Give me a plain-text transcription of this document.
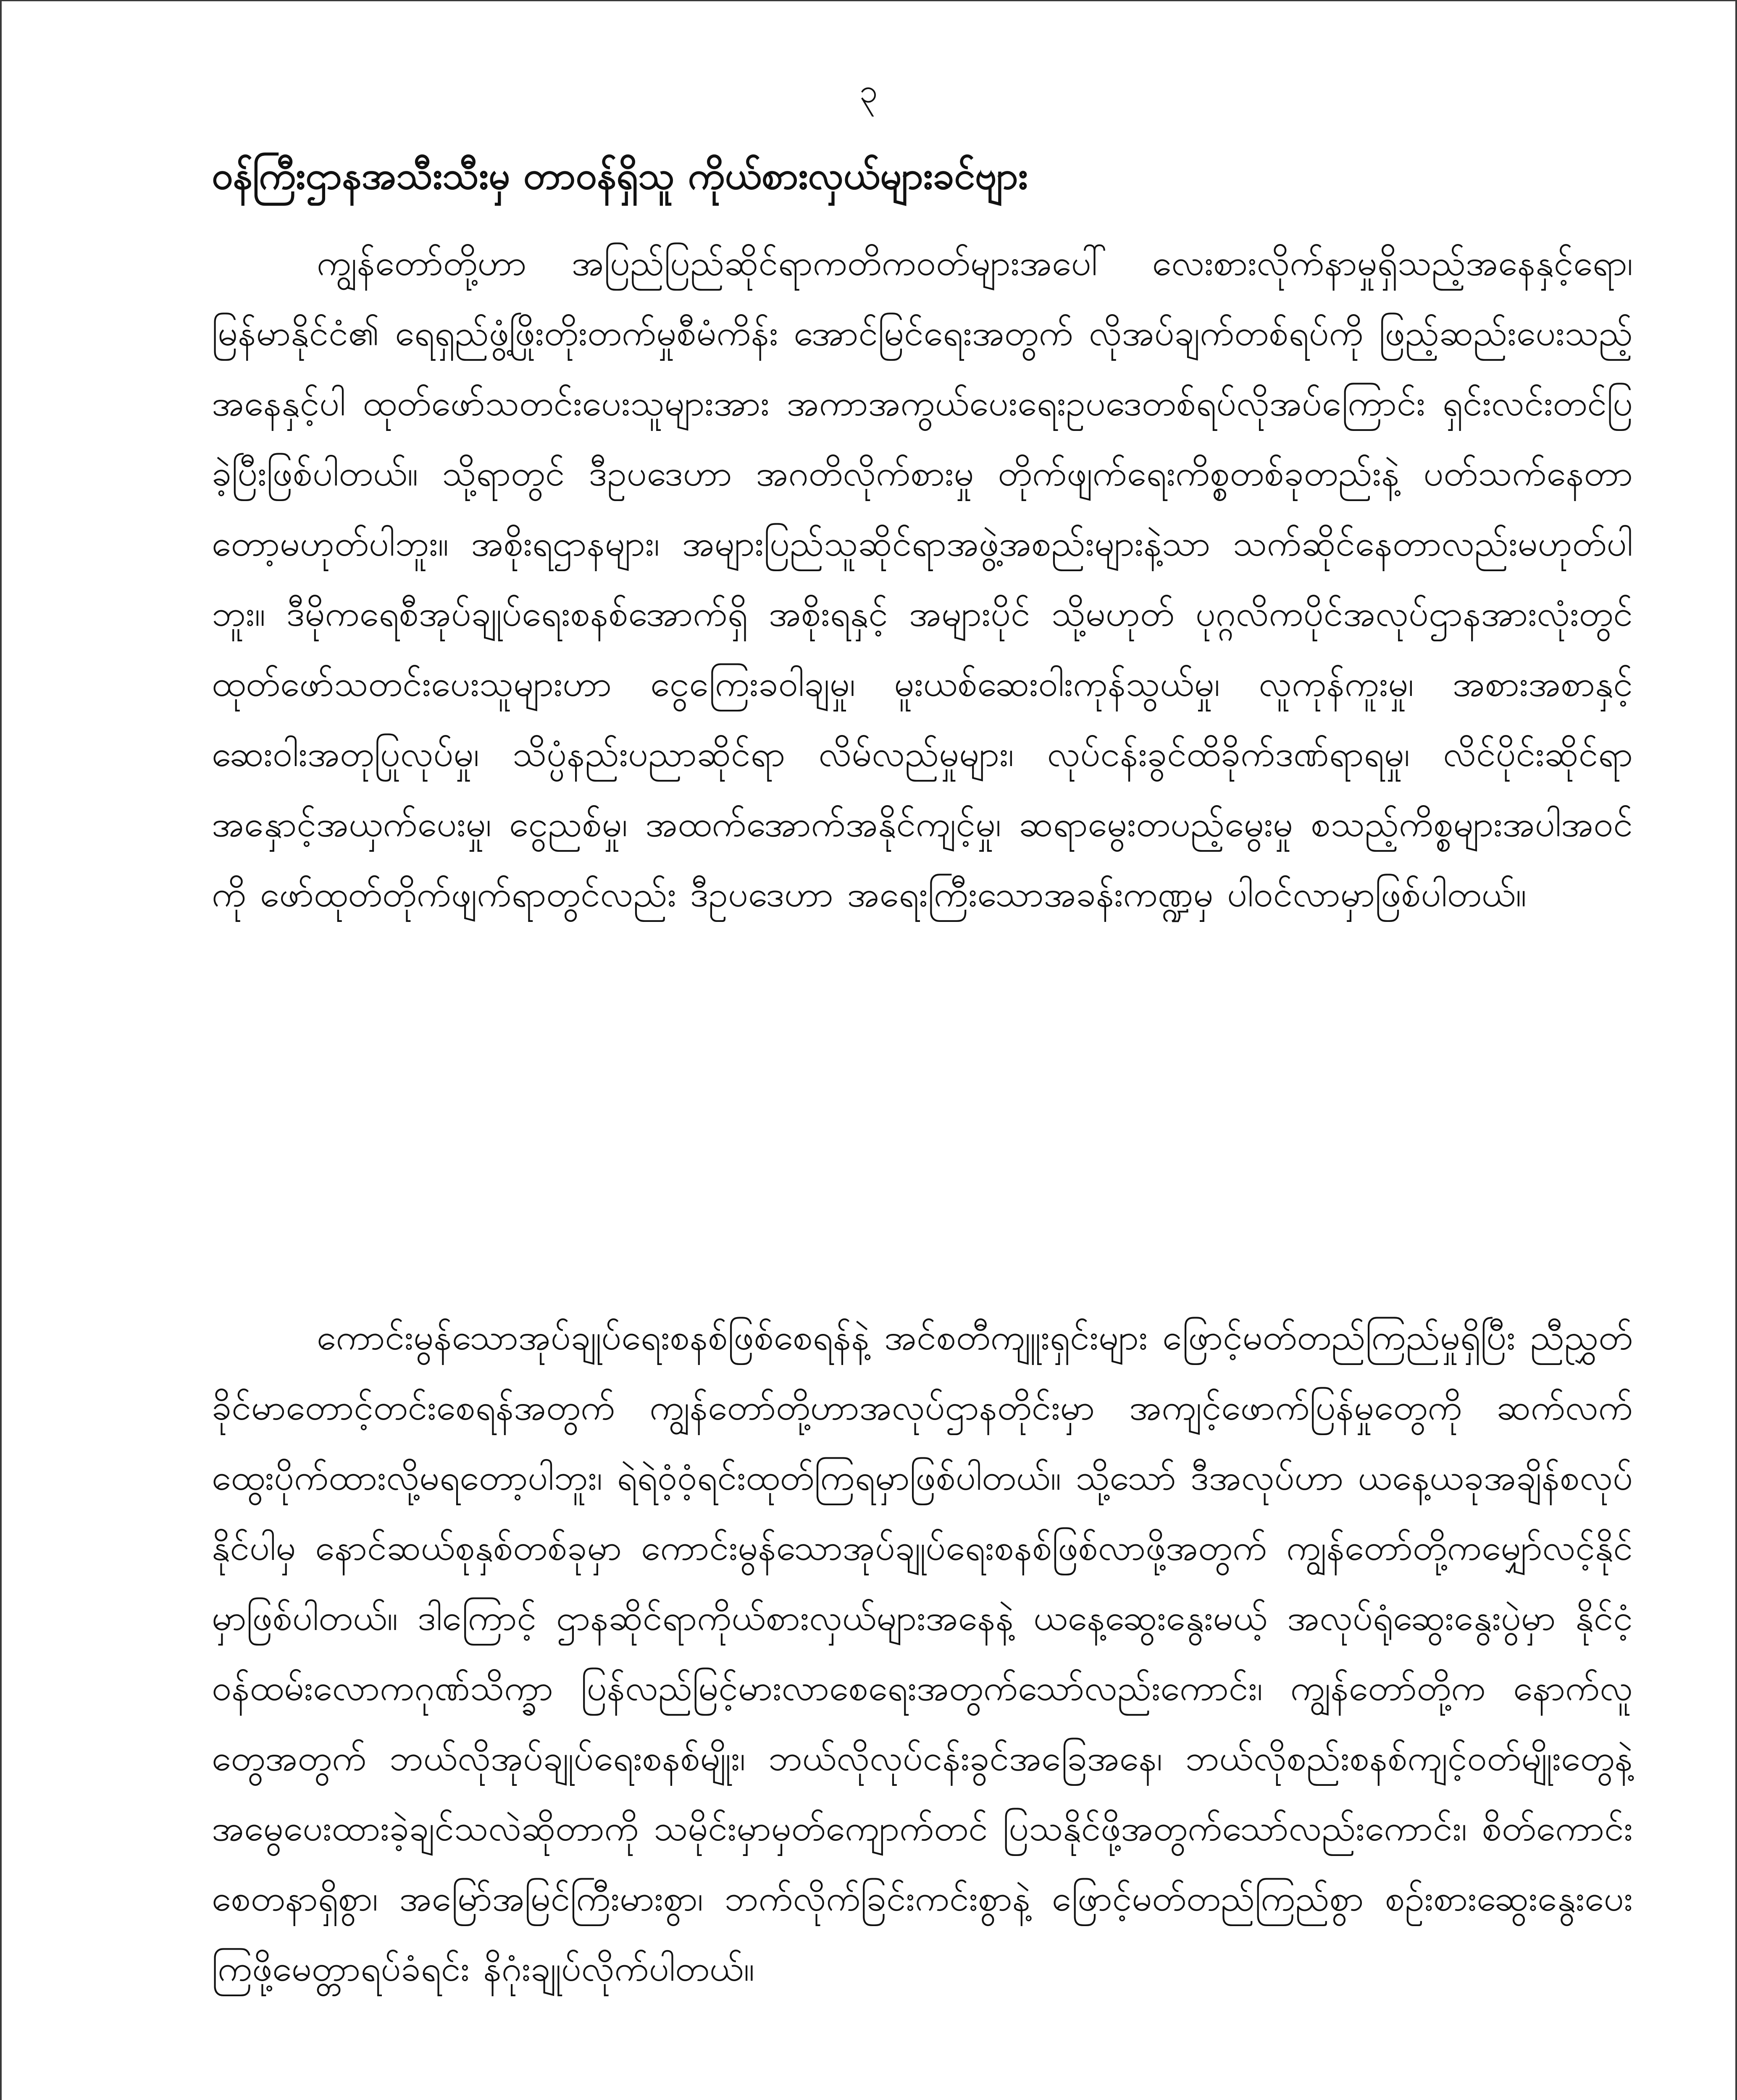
၃
ဝန်ကြီးဌာနအသီးသီးမှ တာဝန်ရှိသူ ကိုယ်စားလှယ်များခင်ဗျား

ကျွန်တော်တို့ဟာ အပြည်ပြည်ဆိုင်ရာကတိကဝတ်များအပေါ် လေးစားလိုက်နာမှုရှိသည့်အနေနှင့်ရော၊ မြန်မာနိုင်ငံ၏ ရေရှည်ဖွံ့ဖြိုးတိုးတက်မှုစီမံကိန်း အောင်မြင်ရေးအတွက် လိုအပ်ချက်တစ်ရပ်ကို ဖြည့်ဆည်းပေးသည့်အနေနှင့်ပါ ထုတ်ဖော်သတင်းပေးသူများအား အကာအကွယ်ပေးရေးဥပဒေတစ်ရပ်လိုအပ်ကြောင်း ရှင်းလင်းတင်ပြခဲ့ပြီးဖြစ်ပါတယ်။ သို့ရာတွင် ဒီဥပဒေဟာ အဂတိလိုက်စားမှု တိုက်ဖျက်ရေးကိစ္စတစ်ခုတည်းနဲ့ ပတ်သက်နေတာတော့မဟုတ်ပါဘူး။ အစိုးရဌာနများ၊ အများပြည်သူဆိုင်ရာအဖွဲ့အစည်းများနဲ့သာ သက်ဆိုင်နေတာလည်းမဟုတ်ပါဘူး။ ဒီမိုကရေစီအုပ်ချုပ်ရေးစနစ်အောက်ရှိ အစိုးရနှင့် အများပိုင် သို့မဟုတ် ပုဂ္ဂလိကပိုင်အလုပ်ဌာနအားလုံးတွင် ထုတ်ဖော်သတင်းပေးသူများဟာ ငွေကြေးခဝါချမှု၊ မူးယစ်ဆေးဝါးကုန်သွယ်မှု၊ လူကုန်ကူးမှု၊ အစားအစာနှင့် ဆေးဝါးအတုပြုလုပ်မှု၊ သိပ္ပံနည်းပညာဆိုင်ရာ လိမ်လည်မှုများ၊ လုပ်ငန်းခွင်ထိခိုက်ဒဏ်ရာရမှု၊ လိင်ပိုင်းဆိုင်ရာအနှောင့်အယှက်ပေးမှု၊ ငွေညစ်မှု၊ အထက်အောက်အနိုင်ကျင့်မှု၊ ဆရာမွေးတပည့်မွေးမှု စသည့်ကိစ္စများအပါအဝင်ကို ဖော်ထုတ်တိုက်ဖျက်ရာတွင်လည်း ဒီဥပဒေဟာ အရေးကြီးသောအခန်းကဏ္ဍမှ ပါဝင်လာမှာဖြစ်ပါတယ်။

ကောင်းမွန်သောအုပ်ချုပ်ရေးစနစ်ဖြစ်စေရန်နဲ့ အင်စတီကျူးရှင်းများ ဖြောင့်မတ်တည်ကြည်မှုရှိပြီး ညီညွှတ်ခိုင်မာတောင့်တင်းစေရန်အတွက် ကျွန်တော်တို့ဟာအလုပ်ဌာနတိုင်းမှာ အကျင့်ဖောက်ပြန်မှုတွေကို ဆက်လက်ထွေးပိုက်ထားလို့မရတော့ပါဘူး၊ ရဲရဲဝံ့ဝံ့ရင်းထုတ်ကြရမှာဖြစ်ပါတယ်။ သို့သော် ဒီအလုပ်ဟာ ယနေ့ယခုအချိန်စလုပ်နိုင်ပါမှ နောင်ဆယ်စုနှစ်တစ်ခုမှာ ကောင်းမွန်သောအုပ်ချုပ်ရေးစနစ်ဖြစ်လာဖို့အတွက် ကျွန်တော်တို့ကမျှော်လင့်နိုင်မှာဖြစ်ပါတယ်။ ဒါကြောင့် ဌာနဆိုင်ရာကိုယ်စားလှယ်များအနေနဲ့ ယနေ့ဆွေးနွေးမယ့် အလုပ်ရုံဆွေးနွေးပွဲမှာ နိုင်ငံ့ဝန်ထမ်းလောကဂုဏ်သိက္ခာ ပြန်လည်မြင့်မားလာစေရေးအတွက်သော်လည်းကောင်း၊ ကျွန်တော်တို့က နောက်လူတွေအတွက် ဘယ်လိုအုပ်ချုပ်ရေးစနစ်မျိုး၊ ဘယ်လိုလုပ်ငန်းခွင်အခြေအနေ၊ ဘယ်လိုစည်းစနစ်ကျင့်ဝတ်မျိုးတွေနဲ့ အမွေပေးထားခဲ့ချင်သလဲဆိုတာကို သမိုင်းမှာမှတ်ကျောက်တင် ပြသနိုင်ဖို့အတွက်သော်လည်းကောင်း၊ စိတ်ကောင်းစေတနာရှိစွာ၊ အမြော်အမြင်ကြီးမားစွာ၊ ဘက်လိုက်ခြင်းကင်းစွာနဲ့ ဖြောင့်မတ်တည်ကြည်စွာ စဉ်းစားဆွေးနွေးပေးကြဖို့မေတ္တာရပ်ခံရင်း နိဂုံးချုပ်လိုက်ပါတယ်။
